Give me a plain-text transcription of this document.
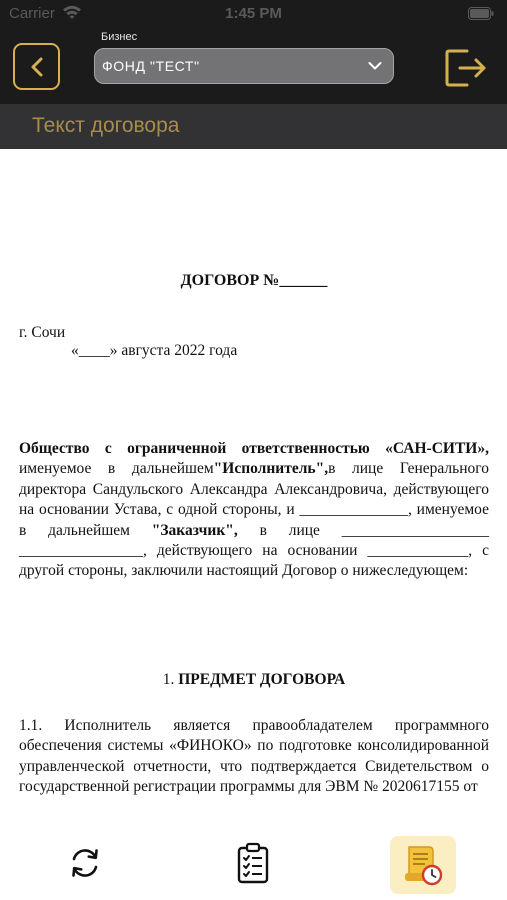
Carrier	1:45 PM
Бизнес
ФОНД "ТЕСТ"
Текст договора
ДОГОВОР №______
г. Сочи
«____» августа 2022 года
Общество с ограниченной ответственностью «САН-СИТИ», именуемое в дальнейшем"Исполнитель",в лице Генерального директора Сандульского Александра Александровича, действующего на основании Устава, с одной стороны, и ______________, именуемое в дальнейшем "Заказчик", в лице ___________________ ________________, действующего на основании _____________, с другой стороны, заключили настоящий Договор о нижеследующем:
1. ПРЕДМЕТ ДОГОВОРА
1.1. Исполнитель является правообладателем программного обеспечения системы «ФИНОКО» по подготовке консолидированной управленческой отчетности, что подтверждается Свидетельством о государственной регистрации программы для ЭВМ № 2020617155 от
